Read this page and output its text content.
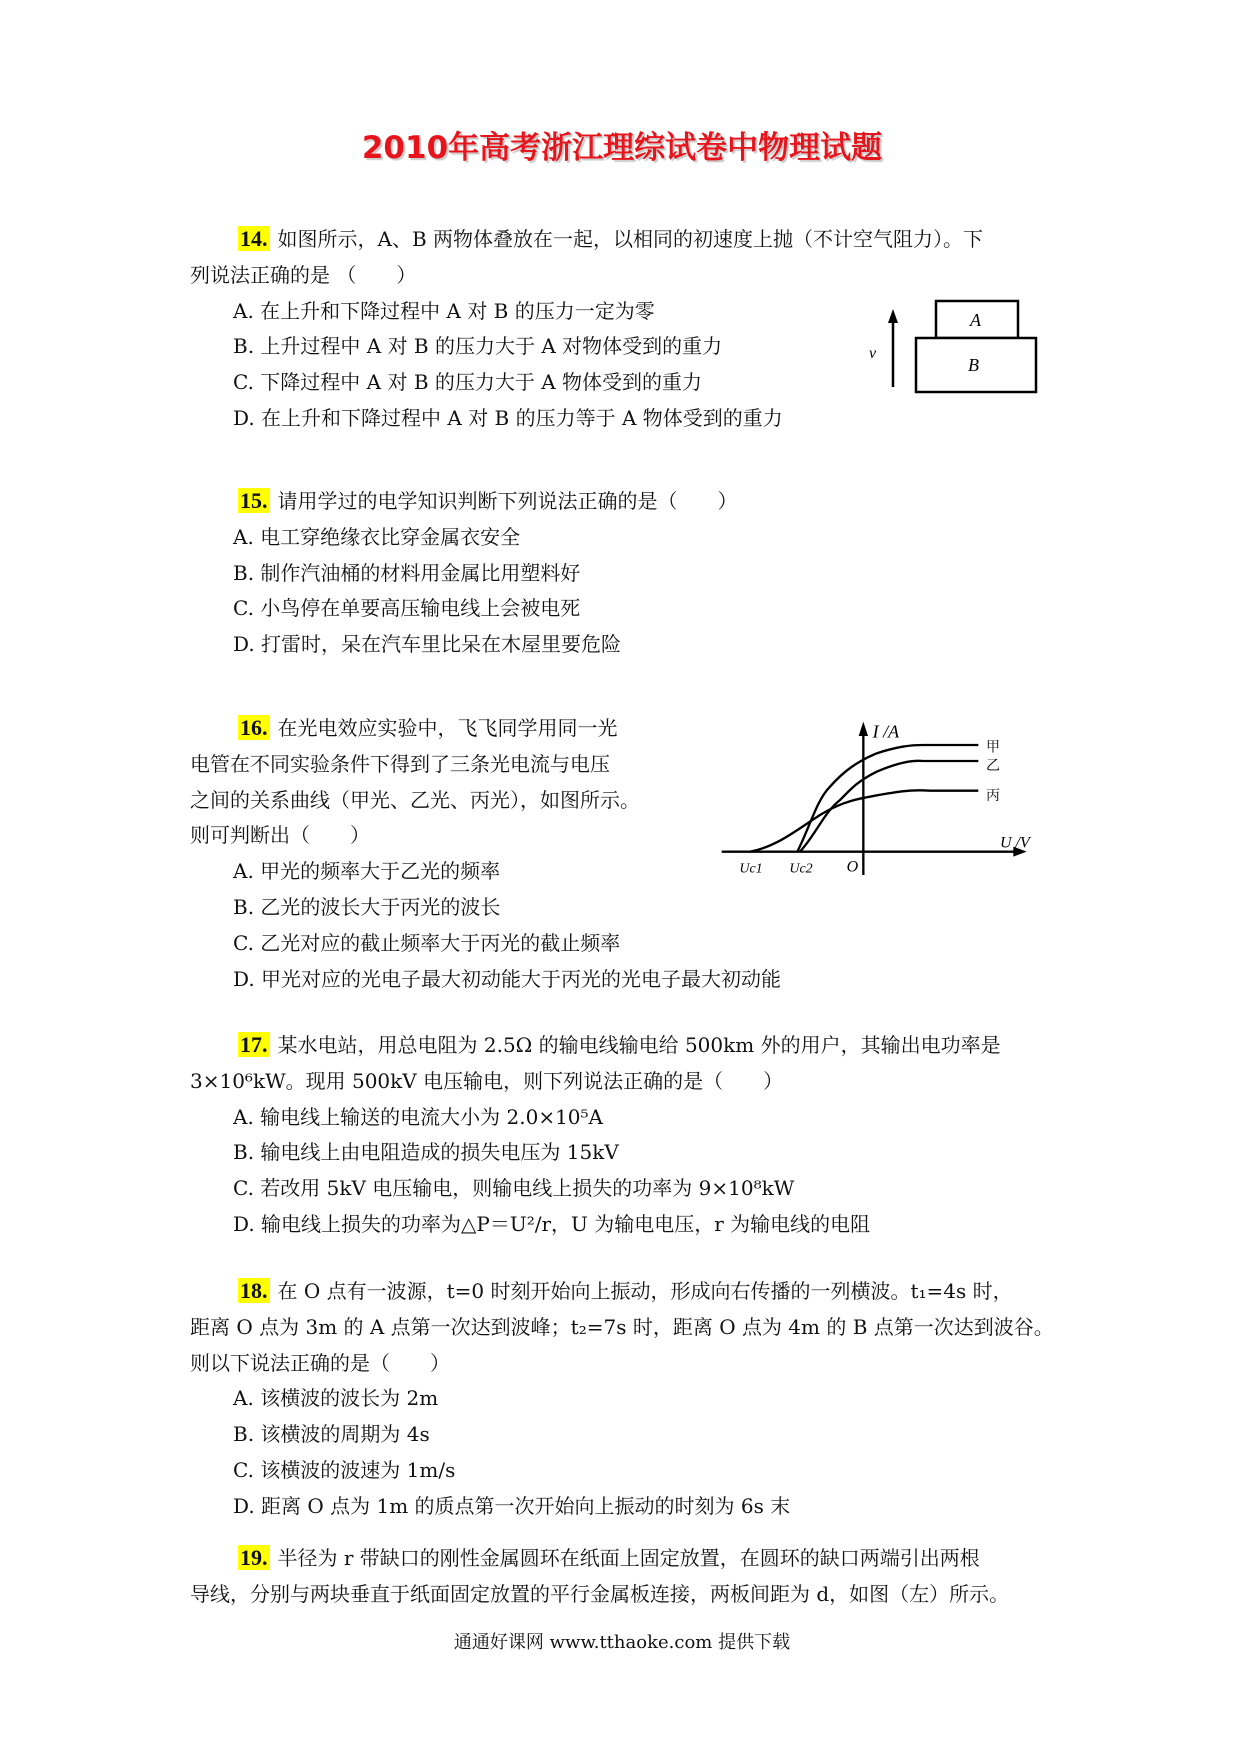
2010年高考浙江理综试卷中物理试题
14. 如图所示，A、B 两物体叠放在一起，以相同的初速度上抛（不计空气阻力）。下
列说法正确的是 （　　）
A. 在上升和下降过程中 A 对 B 的压力一定为零
B. 上升过程中 A 对 B 的压力大于 A 对物体受到的重力
C. 下降过程中 A 对 B 的压力大于 A 物体受到的重力
D. 在上升和下降过程中 A 对 B 的压力等于 A 物体受到的重力
15. 请用学过的电学知识判断下列说法正确的是（　　）
A. 电工穿绝缘衣比穿金属衣安全
B. 制作汽油桶的材料用金属比用塑料好
C. 小鸟停在单要高压输电线上会被电死
D. 打雷时，呆在汽车里比呆在木屋里要危险
16. 在光电效应实验中，飞飞同学用同一光
电管在不同实验条件下得到了三条光电流与电压
之间的关系曲线（甲光、乙光、丙光），如图所示。
则可判断出（　　）
A. 甲光的频率大于乙光的频率
B. 乙光的波长大于丙光的波长
C. 乙光对应的截止频率大于丙光的截止频率
D. 甲光对应的光电子最大初动能大于丙光的光电子最大初动能
17. 某水电站，用总电阻为 2.5Ω 的输电线输电给 500km 外的用户，其输出电功率是
3×10⁶kW。现用 500kV 电压输电，则下列说法正确的是（　　）
A. 输电线上输送的电流大小为 2.0×10⁵A
B. 输电线上由电阻造成的损失电压为 15kV
C. 若改用 5kV 电压输电，则输电线上损失的功率为 9×10⁸kW
D. 输电线上损失的功率为△P＝U²/r，U 为输电电压，r 为输电线的电阻
18. 在 O 点有一波源，t=0 时刻开始向上振动，形成向右传播的一列横波。t₁=4s 时，
距离 O 点为 3m 的 A 点第一次达到波峰；t₂=7s 时，距离 O 点为 4m 的 B 点第一次达到波谷。
则以下说法正确的是（　　）
A. 该横波的波长为 2m
B. 该横波的周期为 4s
C. 该横波的波速为 1m/s
D. 距离 O 点为 1m 的质点第一次开始向上振动的时刻为 6s 末
19. 半径为 r 带缺口的刚性金属圆环在纸面上固定放置，在圆环的缺口两端引出两根
导线，分别与两块垂直于纸面固定放置的平行金属板连接，两板间距为 d，如图（左）所示。
v
A
B
I /A
U /V
O
Uc1 Uc2
甲
乙
丙
通通好课网 www.tthaoke.com 提供下载
